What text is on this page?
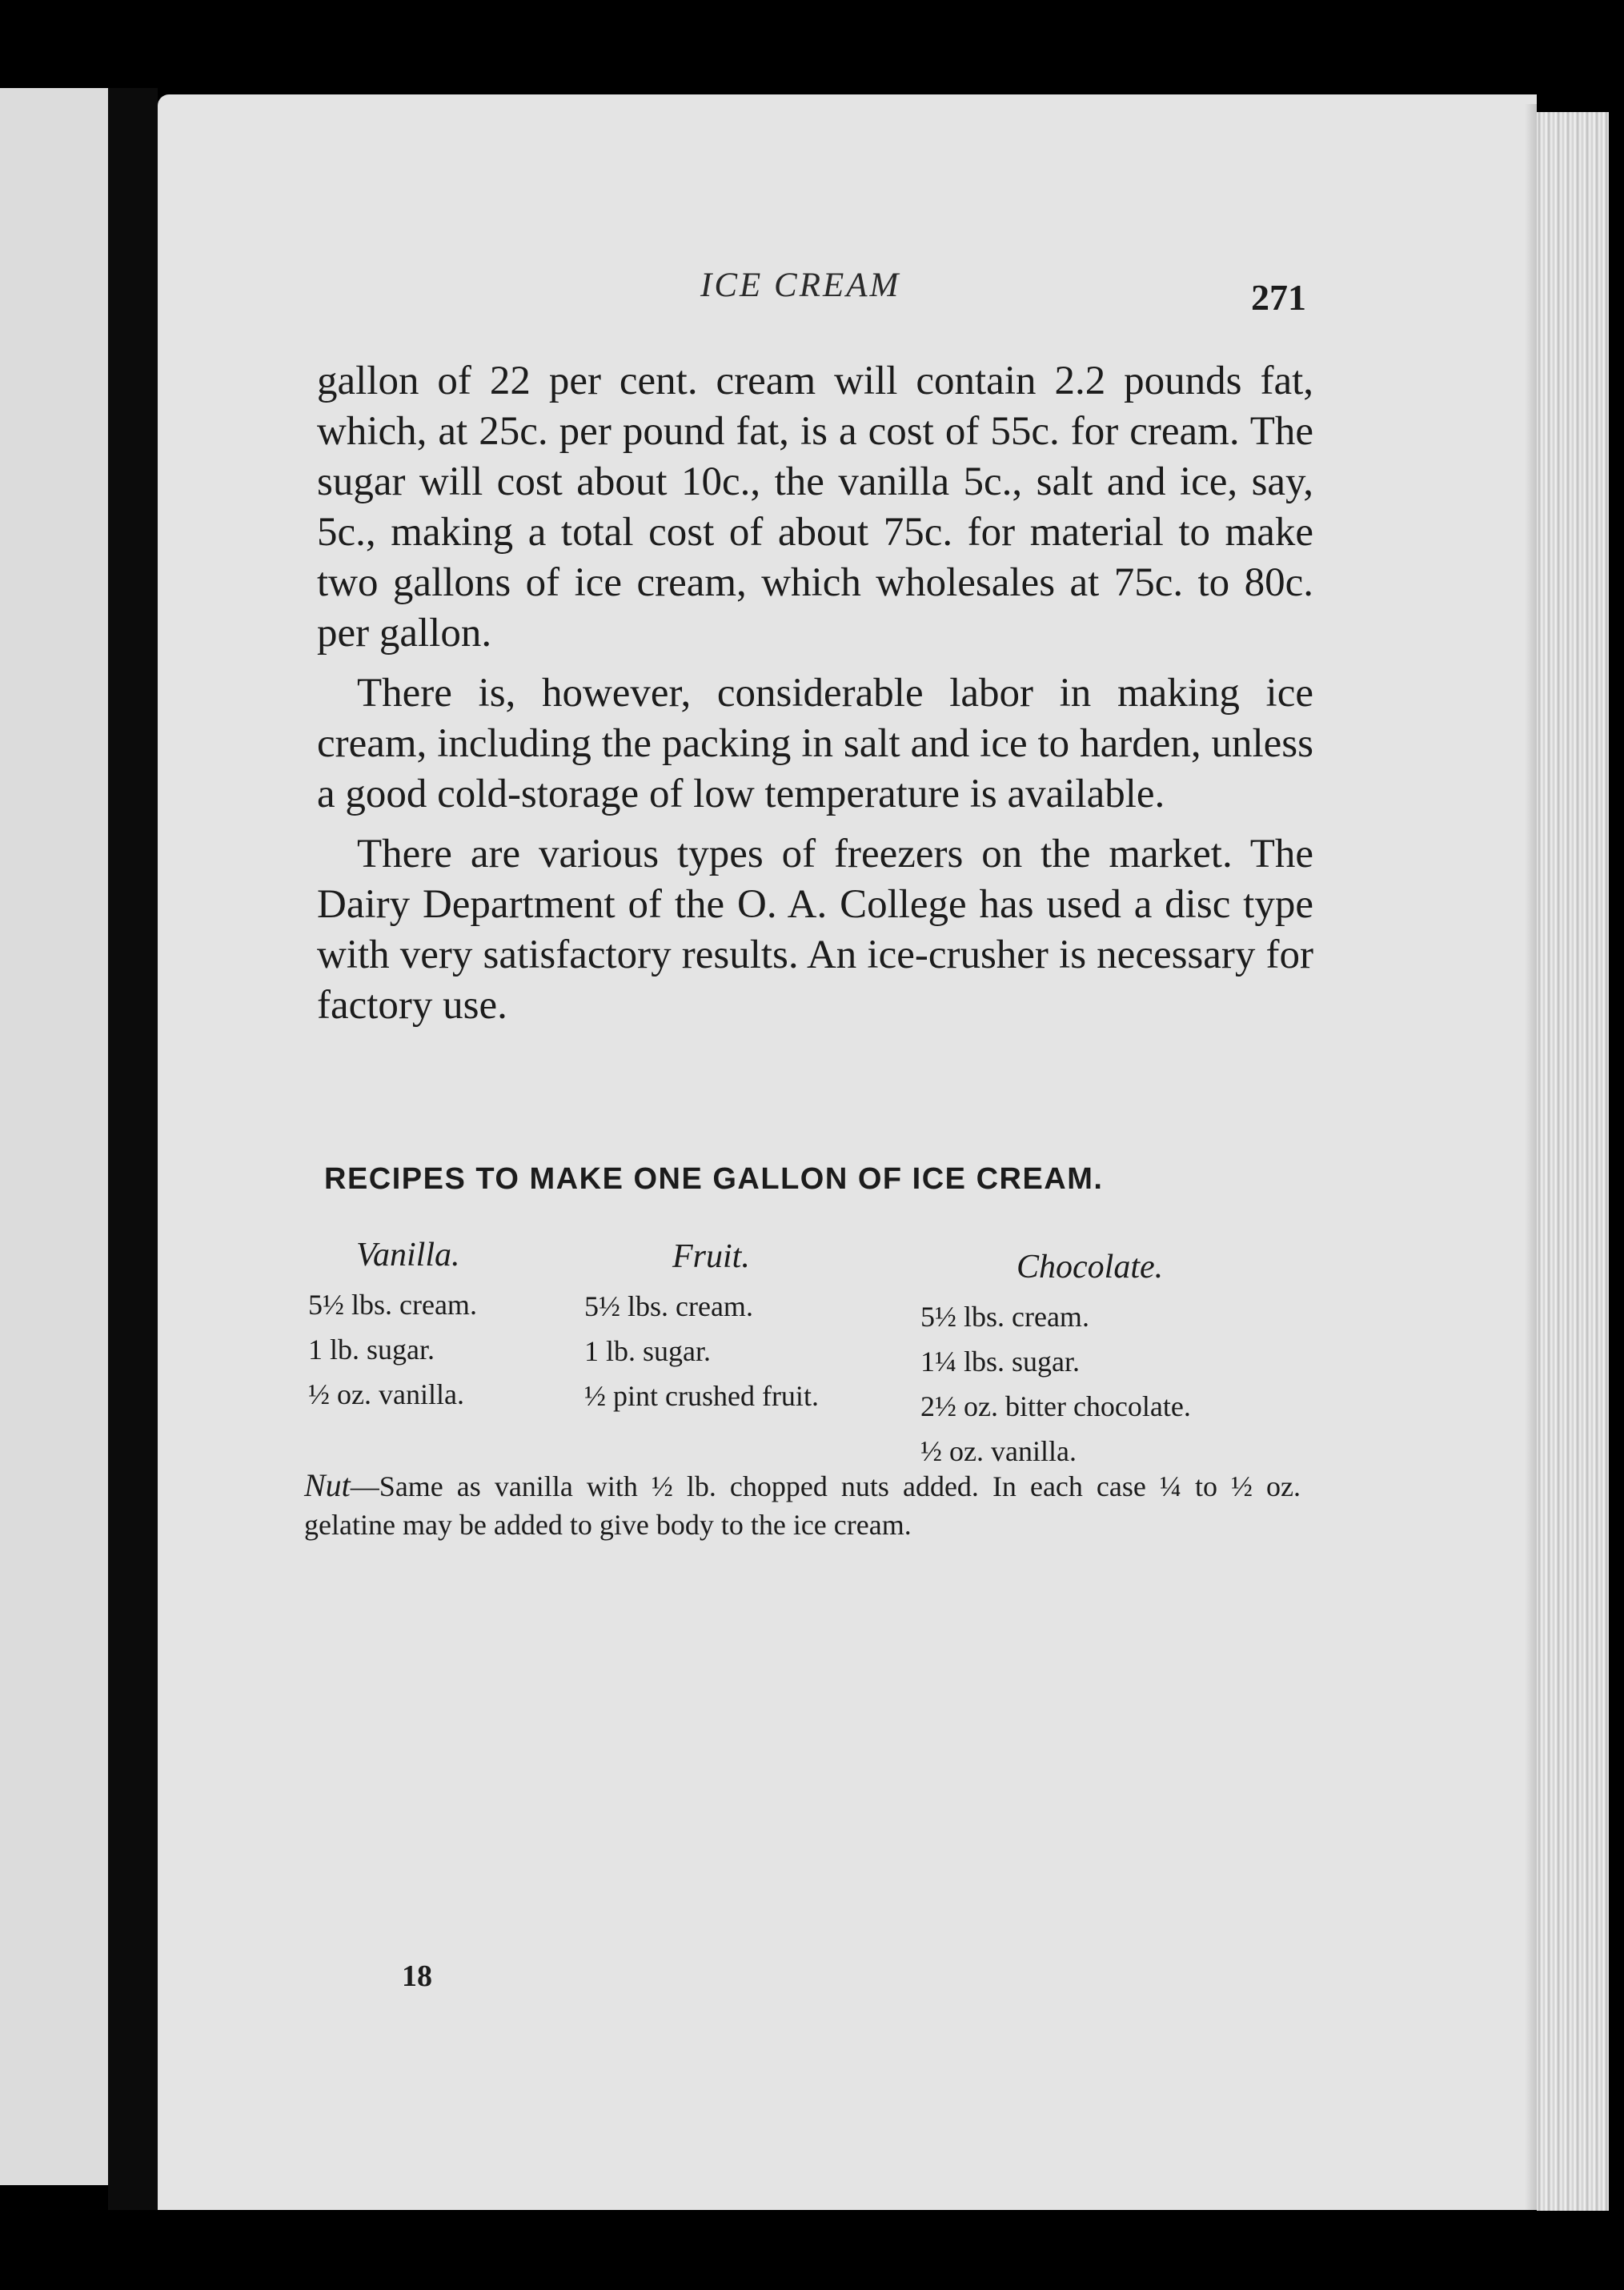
ICE CREAM	271

gallon of 22 per cent. cream will contain 2.2 pounds fat, which, at 25c. per pound fat, is a cost of 55c. for cream. The sugar will cost about 10c., the vanilla 5c., salt and ice, say, 5c., making a total cost of about 75c. for material to make two gallons of ice cream, which wholesales at 75c. to 80c. per gallon.

There is, however, considerable labor in making ice cream, including the packing in salt and ice to harden, unless a good cold-storage of low temperature is available.

There are various types of freezers on the market. The Dairy Department of the O. A. College has used a disc type with very satisfactory results. An ice-crusher is necessary for factory use.

RECIPES TO MAKE ONE GALLON OF ICE CREAM.
Vanilla.
5½ lbs. cream.
1 lb. sugar.
½ oz. vanilla.
Fruit.
5½ lbs. cream.
1 lb. sugar.
½ pint crushed fruit.
Chocolate.
5½ lbs. cream.
1¼ lbs. sugar.
2½ oz. bitter chocolate.
½ oz. vanilla.
Nut—Same as vanilla with ½ lb. chopped nuts added. In each case ¼ to ½ oz. gelatine may be added to give body to the ice cream.
18
